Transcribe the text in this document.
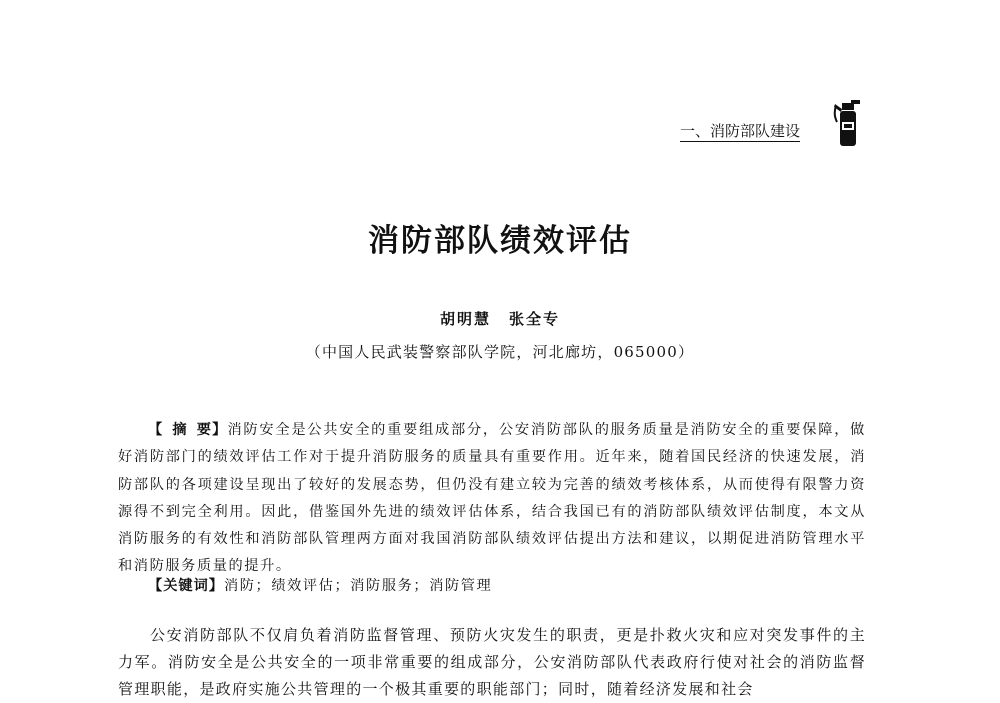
一、消防部队建设
消防部队绩效评估
胡明慧 张全专
（中国人民武装警察部队学院，河北廊坊，065000）
【摘要】消防安全是公共安全的重要组成部分，公安消防部队的服务质量是消防安全的重要保障，做好消防部门的绩效评估工作对于提升消防服务的质量具有重要作用。近年来，随着国民经济的快速发展，消防部队的各项建设呈现出了较好的发展态势，但仍没有建立较为完善的绩效考核体系，从而使得有限警力资源得不到完全利用。因此，借鉴国外先进的绩效评估体系，结合我国已有的消防部队绩效评估制度，本文从消防服务的有效性和消防部队管理两方面对我国消防部队绩效评估提出方法和建议，以期促进消防管理水平和消防服务质量的提升。
【关键词】消防；绩效评估；消防服务；消防管理
公安消防部队不仅肩负着消防监督管理、预防火灾发生的职责，更是扑救火灾和应对突发事件的主力军。消防安全是公共安全的一项非常重要的组成部分，公安消防部队代表政府行使对社会的消防监督管理职能，是政府实施公共管理的一个极其重要的职能部门；同时，随着经济发展和社会
